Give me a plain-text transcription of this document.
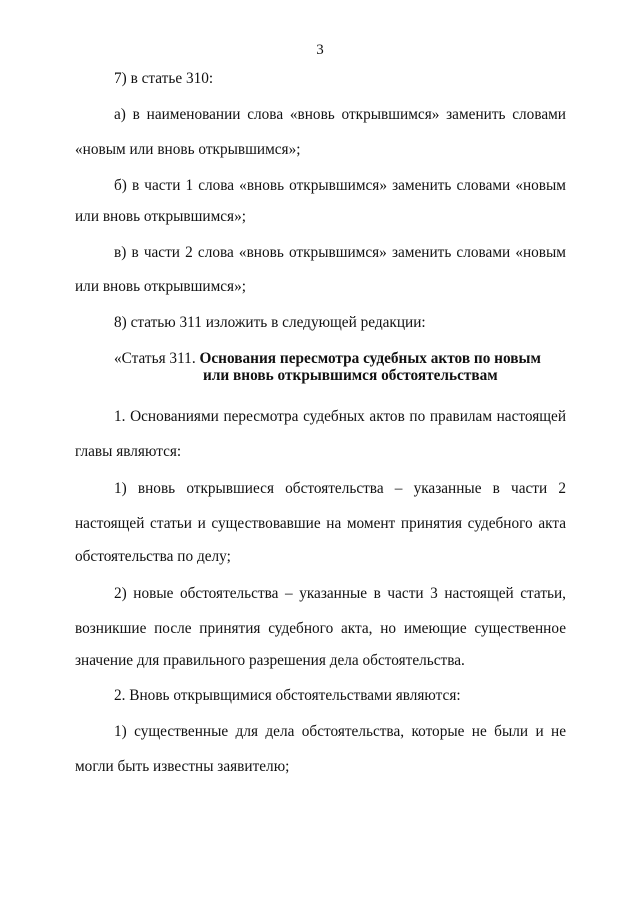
3
7) в статье 310:
а) в наименовании слова «вновь открывшимся» заменить словами
«новым или вновь открывшимся»;
б) в части 1 слова «вновь открывшимся» заменить словами «новым
или вновь открывшимся»;
в) в части 2 слова «вновь открывшимся» заменить словами «новым
или вновь открывшимся»;
8) статью 311 изложить в следующей редакции:
«Статья 311. Основания пересмотра судебных актов по новым
или вновь открывшимся обстоятельствам
1. Основаниями пересмотра судебных актов по правилам настоящей
главы являются:
1) вновь открывшиеся обстоятельства – указанные в части 2
настоящей статьи и существовавшие на момент принятия судебного акта
обстоятельства по делу;
2) новые обстоятельства – указанные в части 3 настоящей статьи,
возникшие после принятия судебного акта, но имеющие существенное
значение для правильного разрешения дела обстоятельства.
2. Вновь открывщимися обстоятельствами являются:
1) существенные для дела обстоятельства, которые не были и не
могли быть известны заявителю;
